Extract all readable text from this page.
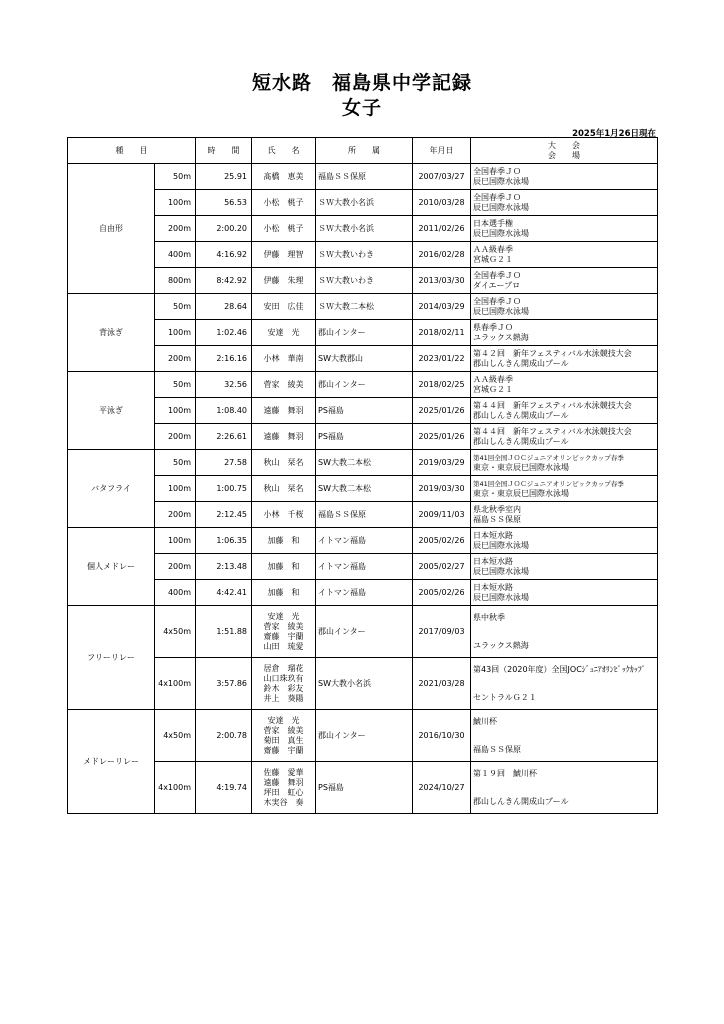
短水路　福島県中学記録
女子
2025年1月26日現在
種　　目		時　　間	氏　　名	所　　属	年月日	大　　会
会　　場

自由形	50m	25.91	髙橋　恵美	福島ＳＳ保原	2007/03/27	全国春季ＪＯ
辰巳国際水泳場

	100m	56.53	小松　桃子	ＳＷ大教小名浜	2010/03/28	全国春季ＪＯ
辰巳国際水泳場

	200m	2:00.20	小松　桃子	ＳＷ大教小名浜	2011/02/26	日本選手権
辰巳国際水泳場

	400m	4:16.92	伊藤　理智	ＳＷ大教いわき	2016/02/28	ＡＡ級春季
宮城Ｇ２１

	800m	8:42.92	伊藤　朱理	ＳＷ大教いわき	2013/03/30	全国春季ＪＯ
ダイエープロ

背泳ぎ	50m	28.64	安田　広佳	ＳＷ大教二本松	2014/03/29	全国春季ＪＯ
辰巳国際水泳場

	100m	1:02.46	安達　光	郡山インター	2018/02/11	県春季ＪＯ
ユラックス熱海

	200m	2:16.16	小林　華南	SW大教郡山	2023/01/22	第４２回　新年フェスティバル水泳競技大会
郡山しんきん開成山プール

平泳ぎ	50m	32.56	菅家　綾美	郡山インター	2018/02/25	ＡＡ級春季
宮城Ｇ２１

	100m	1:08.40	遠藤　舞羽	PS福島	2025/01/26	第４４回　新年フェスティバル水泳競技大会
郡山しんきん開成山プール

	200m	2:26.61	遠藤　舞羽	PS福島	2025/01/26	第４４回　新年フェスティバル水泳競技大会
郡山しんきん開成山プール

バタフライ	50m	27.58	秋山　栞名	SW大教二本松	2019/03/29	第41回全国ＪＯＣジュニアオリンピックカップ春季
東京・東京辰巳国際水泳場

	100m	1:00.75	秋山　栞名	SW大教二本松	2019/03/30	第41回全国ＪＯＣジュニアオリンピックカップ春季
東京・東京辰巳国際水泳場

	200m	2:12.45	小林　千桜	福島ＳＳ保原	2009/11/03	県北秋季室内
福島ＳＳ保原

個人メドレー	100m	1:06.35	加藤　和	イトマン福島	2005/02/26	日本短水路
辰巳国際水泳場

	200m	2:13.48	加藤　和	イトマン福島	2005/02/27	日本短水路
辰巳国際水泳場

	400m	4:42.41	加藤　和	イトマン福島	2005/02/26	日本短水路
辰巳国際水泳場

フリーリレー	4x50m	1:51.88	安達　光
菅家　綾美
齋藤　宇蘭
山田　琉愛	郡山インター	2017/09/03	県中秋季
ユラックス熱海

	4x100m	3:57.86	居倉　瑠花
山口珠玖有
鈴木　彩友
井上　葵陽	SW大教小名浜	2021/03/28	第43回（2020年度）全国JOCｼﾞｭﾆｱｵﾘﾝﾋﾟｯｸｶｯﾌﾟ
セントラルＧ２１

メドレーリレー	4x50m	2:00.78	安達　光
菅家　綾美
菊田　真生
齋藤　宇蘭	郡山インター	2016/10/30	鯱川杯
福島ＳＳ保原

	4x100m	4:19.74	佐藤　愛華
遠藤　舞羽
坪田　虹心
木実谷　奏	PS福島	2024/10/27	第１９回　鯱川杯
郡山しんきん開成山プール
